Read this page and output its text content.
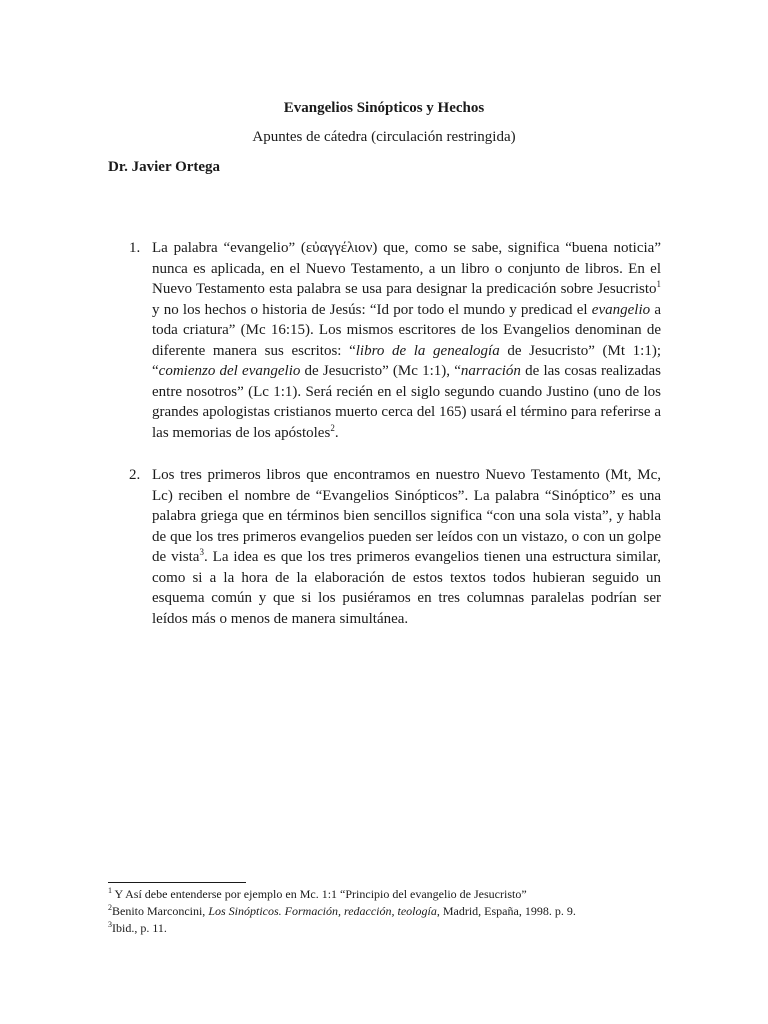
Evangelios Sinópticos y Hechos
Apuntes de cátedra (circulación restringida)
Dr. Javier Ortega
1. La palabra “evangelio” (εὐαγγέλιον) que, como se sabe, significa “buena noticia” nunca es aplicada, en el Nuevo Testamento, a un libro o conjunto de libros. En el Nuevo Testamento esta palabra se usa para designar la predicación sobre Jesucristo$^1$ y no los hechos o historia de Jesús: “Id por todo el mundo y predicad el evangelio a toda criatura” (Mc 16:15). Los mismos escritores de los Evangelios denominan de diferente manera sus escritos: “libro de la genealogía de Jesucristo” (Mt 1:1); “comienzo del evangelio de Jesucristo” (Mc 1:1), “narración de las cosas realizadas entre nosotros” (Lc 1:1). Será recién en el siglo segundo cuando Justino (uno de los grandes apologistas cristianos muerto cerca del 165) usará el término para referirse a las memorias de los apóstoles$^2$.
2. Los tres primeros libros que encontramos en nuestro Nuevo Testamento (Mt, Mc, Lc) reciben el nombre de “Evangelios Sinópticos”. La palabra “Sinóptico” es una palabra griega que en términos bien sencillos significa “con una sola vista”, y habla de que los tres primeros evangelios pueden ser leídos con un vistazo, o con un golpe de vista$^3$. La idea es que los tres primeros evangelios tienen una estructura similar, como si a la hora de la elaboración de estos textos todos hubieran seguido un esquema común y que si los pusiéramos en tres columnas paralelas podrían ser leídos más o menos de manera simultánea.
$^1$ Y Así debe entenderse por ejemplo en Mc. 1:1 “Principio del evangelio de Jesucristo”
$^2$Benito Marconcini, Los Sinópticos. Formación, redacción, teología, Madrid, España, 1998. p. 9.
$^3$Ibid., p. 11.
